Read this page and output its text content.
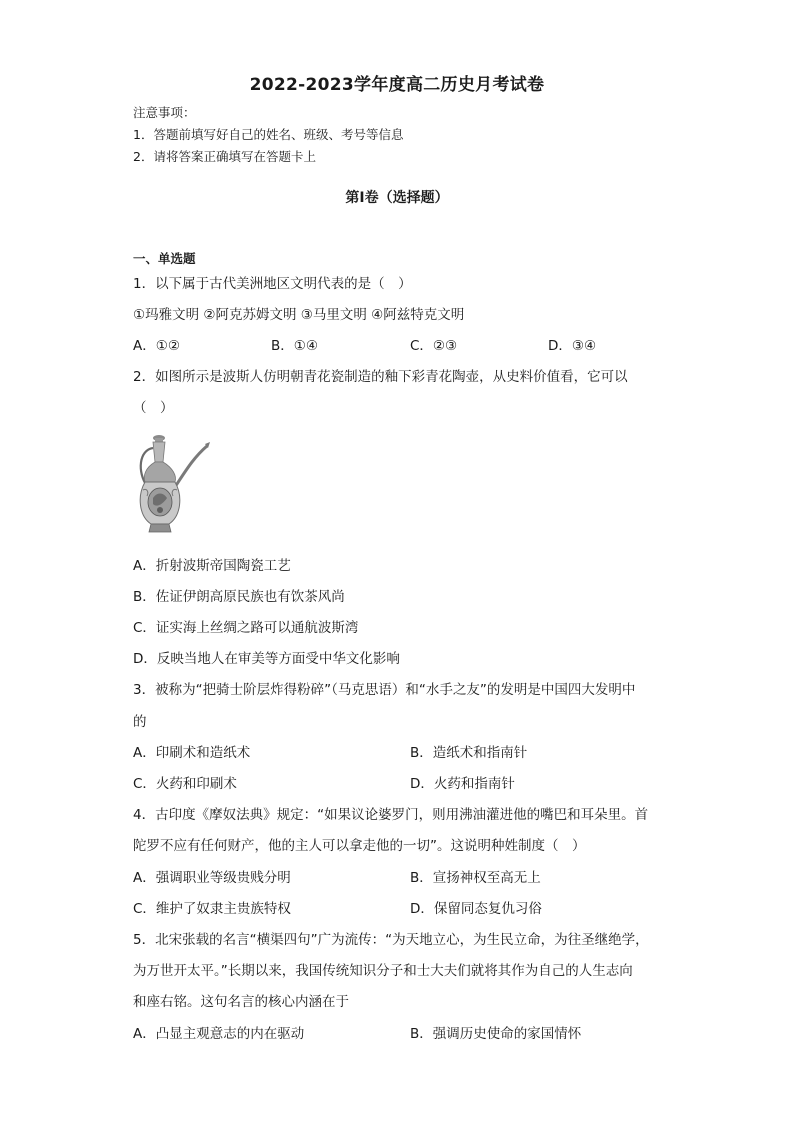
2022-2023学年度高二历史月考试卷
注意事项：
1．答题前填写好自己的姓名、班级、考号等信息
2．请将答案正确填写在答题卡上
第I卷（选择题）
一、单选题
1．以下属于古代美洲地区文明代表的是（　）
①玛雅文明 ②阿克苏姆文明 ③马里文明 ④阿兹特克文明
A．①②	B．①④	C．②③	D．③④
2．如图所示是波斯人仿明朝青花瓷制造的釉下彩青花陶壶，从史料价值看，它可以
（　）
A．折射波斯帝国陶瓷工艺
B．佐证伊朗高原民族也有饮茶风尚
C．证实海上丝绸之路可以通航波斯湾
D．反映当地人在审美等方面受中华文化影响
3．被称为“把骑士阶层炸得粉碎”（马克思语）和“水手之友”的发明是中国四大发明中
的
A．印刷术和造纸术	B．造纸术和指南针
C．火药和印刷术	D．火药和指南针
4．古印度《摩奴法典》规定：“如果议论婆罗门，则用沸油灌进他的嘴巴和耳朵里。首
陀罗不应有任何财产，他的主人可以拿走他的一切”。这说明种姓制度（　）
A．强调职业等级贵贱分明	B．宣扬神权至高无上
C．维护了奴隶主贵族特权	D．保留同态复仇习俗
5．北宋张载的名言“横渠四句”广为流传：“为天地立心，为生民立命，为往圣继绝学，
为万世开太平。”长期以来，我国传统知识分子和士大夫们就将其作为自己的人生志向
和座右铭。这句名言的核心内涵在于
A．凸显主观意志的内在驱动	B．强调历史使命的家国情怀
